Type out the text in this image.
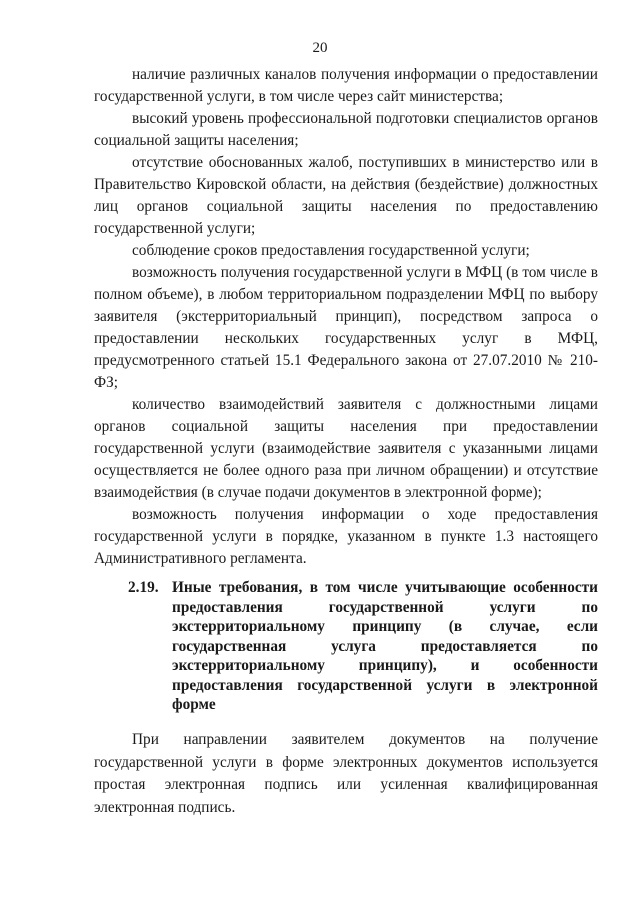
20

наличие различных каналов получения информации о предоставлении государственной услуги, в том числе через сайт министерства;

высокий уровень профессиональной подготовки специалистов органов социальной защиты населения;

отсутствие обоснованных жалоб, поступивших в министерство или в Правительство Кировской области, на действия (бездействие) должностных лиц органов социальной защиты населения по предоставлению государственной услуги;

соблюдение сроков предоставления государственной услуги;

возможность получения государственной услуги в МФЦ (в том числе в полном объеме), в любом территориальном подразделении МФЦ по выбору заявителя (экстерриториальный принцип), посредством запроса о предоставлении нескольких государственных услуг в МФЦ, предусмотренного статьей 15.1 Федерального закона от 27.07.2010 № 210-ФЗ;

количество взаимодействий заявителя с должностными лицами органов социальной защиты населения при предоставлении государственной услуги (взаимодействие заявителя с указанными лицами осуществляется не более одного раза при личном обращении) и отсутствие взаимодействия (в случае подачи документов в электронной форме);

возможность получения информации о ходе предоставления государственной услуги в порядке, указанном в пункте 1.3 настоящего Административного регламента.

2.19. Иные требования, в том числе учитывающие особенности предоставления государственной услуги по экстерриториальному принципу (в случае, если государственная услуга предоставляется по экстерриториальному принципу), и особенности предоставления государственной услуги в электронной форме

При направлении заявителем документов на получение государственной услуги в форме электронных документов используется простая электронная подпись или усиленная квалифицированная электронная подпись.
